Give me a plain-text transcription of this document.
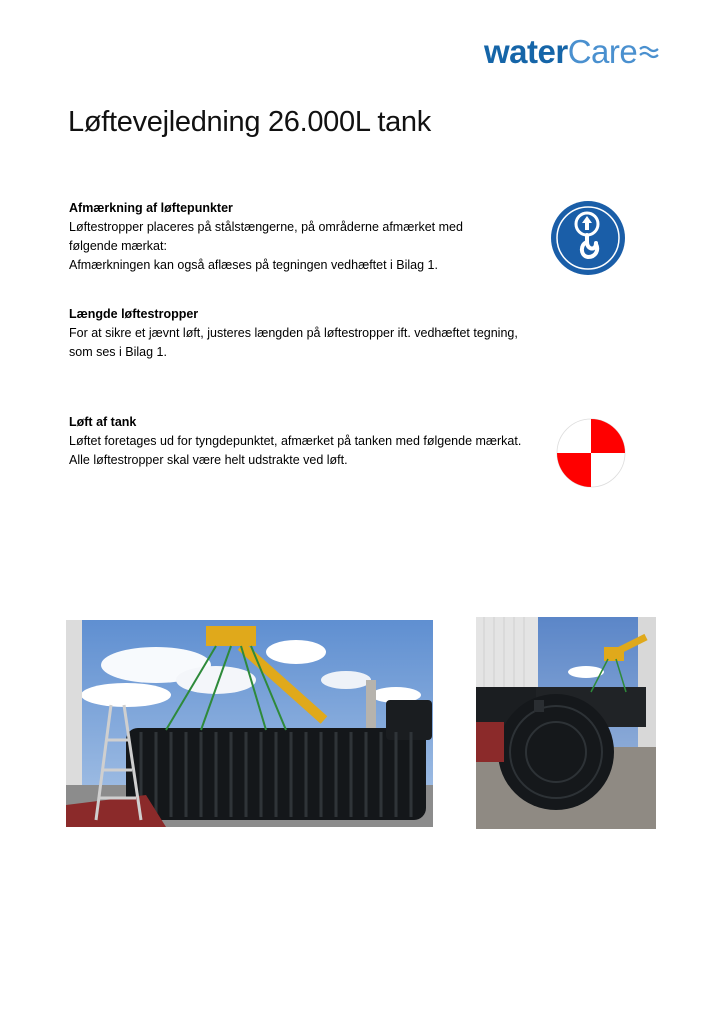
water Care
Løftevejledning 26.000L tank
Afmærkning af løftepunkter
Løftestropper placeres på stålstængerne, på områderne afmærket med
følgende mærkat:
Afmærkningen kan også aflæses på tegningen vedhæftet i Bilag 1.
Længde løftestropper
For at sikre et jævnt løft, justeres længden på løftestropper ift. vedhæftet tegning,
som ses i Bilag 1.
Løft af tank
Løftet foretages ud for tyngdepunktet, afmærket på tanken med følgende mærkat.
Alle løftestropper skal være helt udstrakte ved løft.
